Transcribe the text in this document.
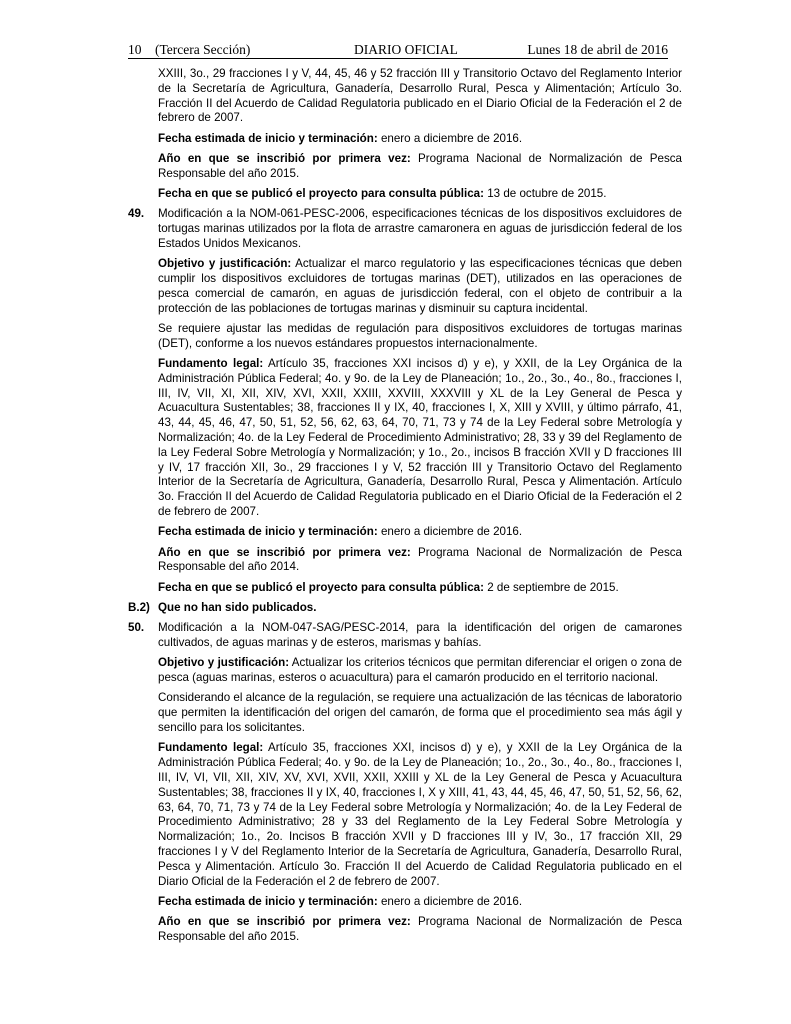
10 (Tercera Sección)	DIARIO OFICIAL	Lunes 18 de abril de 2016

XXIII, 3o., 29 fracciones I y V, 44, 45, 46 y 52 fracción III y Transitorio Octavo del Reglamento Interior de la Secretaría de Agricultura, Ganadería, Desarrollo Rural, Pesca y Alimentación; Artículo 3o. Fracción II del Acuerdo de Calidad Regulatoria publicado en el Diario Oficial de la Federación el 2 de febrero de 2007.

Fecha estimada de inicio y terminación: enero a diciembre de 2016.

Año en que se inscribió por primera vez: Programa Nacional de Normalización de Pesca Responsable del año 2015.

Fecha en que se publicó el proyecto para consulta pública: 13 de octubre de 2015.

49.	Modificación a la NOM-061-PESC-2006, especificaciones técnicas de los dispositivos excluidores de tortugas marinas utilizados por la flota de arrastre camaronera en aguas de jurisdicción federal de los Estados Unidos Mexicanos.

Objetivo y justificación: Actualizar el marco regulatorio y las especificaciones técnicas que deben cumplir los dispositivos excluidores de tortugas marinas (DET), utilizados en las operaciones de pesca comercial de camarón, en aguas de jurisdicción federal, con el objeto de contribuir a la protección de las poblaciones de tortugas marinas y disminuir su captura incidental.

Se requiere ajustar las medidas de regulación para dispositivos excluidores de tortugas marinas (DET), conforme a los nuevos estándares propuestos internacionalmente.

Fundamento legal: Artículo 35, fracciones XXI incisos d) y e), y XXII, de la Ley Orgánica de la Administración Pública Federal; 4o. y 9o. de la Ley de Planeación; 1o., 2o., 3o., 4o., 8o., fracciones I, III, IV, VII, XI, XII, XIV, XVI, XXII, XXIII, XXVIII, XXXVIII y XL de la Ley General de Pesca y Acuacultura Sustentables; 38, fracciones II y IX, 40, fracciones I, X, XIII y XVIII, y último párrafo, 41, 43, 44, 45, 46, 47, 50, 51, 52, 56, 62, 63, 64, 70, 71, 73 y 74 de la Ley Federal sobre Metrología y Normalización; 4o. de la Ley Federal de Procedimiento Administrativo; 28, 33 y 39 del Reglamento de la Ley Federal Sobre Metrología y Normalización; y 1o., 2o., incisos B fracción XVII y D fracciones III y IV, 17 fracción XII, 3o., 29 fracciones I y V, 52 fracción III y Transitorio Octavo del Reglamento Interior de la Secretaría de Agricultura, Ganadería, Desarrollo Rural, Pesca y Alimentación. Artículo 3o. Fracción II del Acuerdo de Calidad Regulatoria publicado en el Diario Oficial de la Federación el 2 de febrero de 2007.

Fecha estimada de inicio y terminación: enero a diciembre de 2016.

Año en que se inscribió por primera vez: Programa Nacional de Normalización de Pesca Responsable del año 2014.

Fecha en que se publicó el proyecto para consulta pública: 2 de septiembre de 2015.

B.2) Que no han sido publicados.

50.	Modificación a la NOM-047-SAG/PESC-2014, para la identificación del origen de camarones cultivados, de aguas marinas y de esteros, marismas y bahías.

Objetivo y justificación: Actualizar los criterios técnicos que permitan diferenciar el origen o zona de pesca (aguas marinas, esteros o acuacultura) para el camarón producido en el territorio nacional.

Considerando el alcance de la regulación, se requiere una actualización de las técnicas de laboratorio que permiten la identificación del origen del camarón, de forma que el procedimiento sea más ágil y sencillo para los solicitantes.

Fundamento legal: Artículo 35, fracciones XXI, incisos d) y e), y XXII de la Ley Orgánica de la Administración Pública Federal; 4o. y 9o. de la Ley de Planeación; 1o., 2o., 3o., 4o., 8o., fracciones I, III, IV, VI, VII, XII, XIV, XV, XVI, XVII, XXII, XXIII y XL de la Ley General de Pesca y Acuacultura Sustentables; 38, fracciones II y IX, 40, fracciones I, X y XIII, 41, 43, 44, 45, 46, 47, 50, 51, 52, 56, 62, 63, 64, 70, 71, 73 y 74 de la Ley Federal sobre Metrología y Normalización; 4o. de la Ley Federal de Procedimiento Administrativo; 28 y 33 del Reglamento de la Ley Federal Sobre Metrología y Normalización; 1o., 2o. Incisos B fracción XVII y D fracciones III y IV, 3o., 17 fracción XII, 29 fracciones I y V del Reglamento Interior de la Secretaría de Agricultura, Ganadería, Desarrollo Rural, Pesca y Alimentación. Artículo 3o. Fracción II del Acuerdo de Calidad Regulatoria publicado en el Diario Oficial de la Federación el 2 de febrero de 2007.

Fecha estimada de inicio y terminación: enero a diciembre de 2016.

Año en que se inscribió por primera vez: Programa Nacional de Normalización de Pesca Responsable del año 2015.
